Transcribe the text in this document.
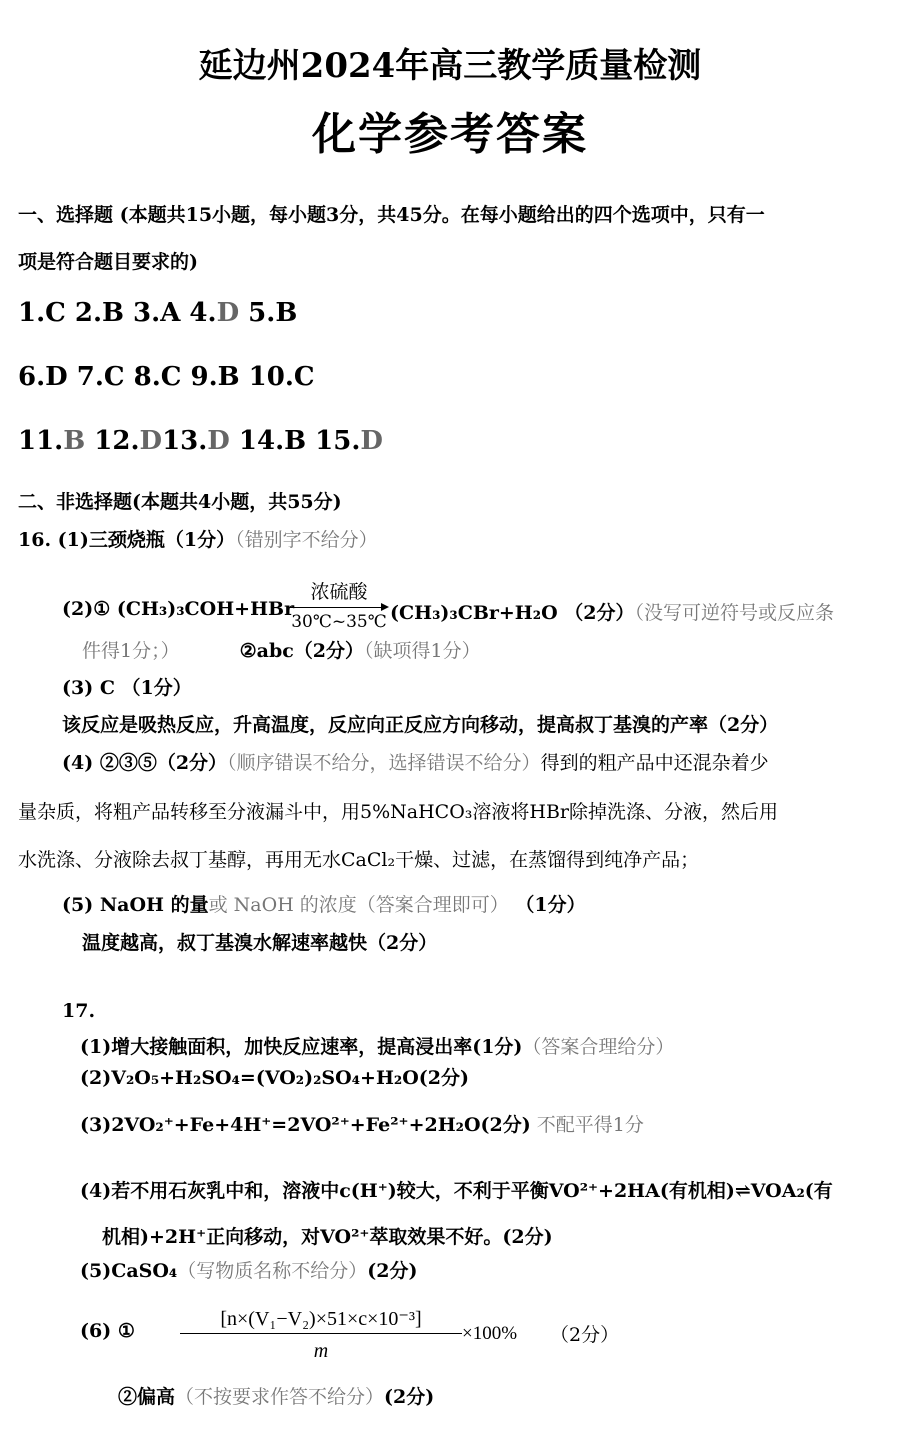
延边州2024年高三教学质量检测
化学参考答案
一、选择题 (本题共15小题，每小题3分，共45分。在每小题给出的四个选项中，只有一
项是符合题目要求的)
1.C 2.B 3.A 4.D 5.B
6.D 7.C 8.C 9.B 10.C
11.B 12.D13.D 14.B 15.D
二、非选择题(本题共4小题，共55分)
16. (1)三颈烧瓶（1分）（错别字不给分）
(2)① (CH₃)₃COH+HBr
浓硫酸
30℃~35℃ (CH₃)₃CBr+H₂O （2分）（没写可逆符号或反应条
件得1分；）	②abc（2分）（缺项得1分）
(3) C （1分）
该反应是吸热反应，升高温度，反应向正反应方向移动，提高叔丁基溴的产率（2分）
(4) ②③⑤（2分）（顺序错误不给分，选择错误不给分）得到的粗产品中还混杂着少
量杂质，将粗产品转移至分液漏斗中，用5%NaHCO₃溶液将HBr除掉洗涤、分液，然后用
水洗涤、分液除去叔丁基醇，再用无水CaCl₂干燥、过滤，在蒸馏得到纯净产品；
(5) NaOH 的量或 NaOH 的浓度（答案合理即可） （1分）
温度越高，叔丁基溴水解速率越快（2分）
17.
(1)增大接触面积，加快反应速率，提高浸出率(1分)（答案合理给分）
(2)V₂O₅+H₂SO₄=(VO₂)₂SO₄+H₂O(2分)
(3)2VO₂⁺+Fe+4H⁺=2VO²⁺+Fe²⁺+2H₂O(2分) 不配平得1分
(4)若不用石灰乳中和，溶液中c(H⁺)较大，不利于平衡VO²⁺+2HA(有机相)⇌VOA₂(有
机相)+2H⁺正向移动，对VO²⁺萃取效果不好。(2分)
(5)CaSO₄（写物质名称不给分）(2分)
(6) ①
[n×(V₁−V₂)×51×c×10⁻³]
m
×100% （2分）
②偏高（不按要求作答不给分）(2分)
